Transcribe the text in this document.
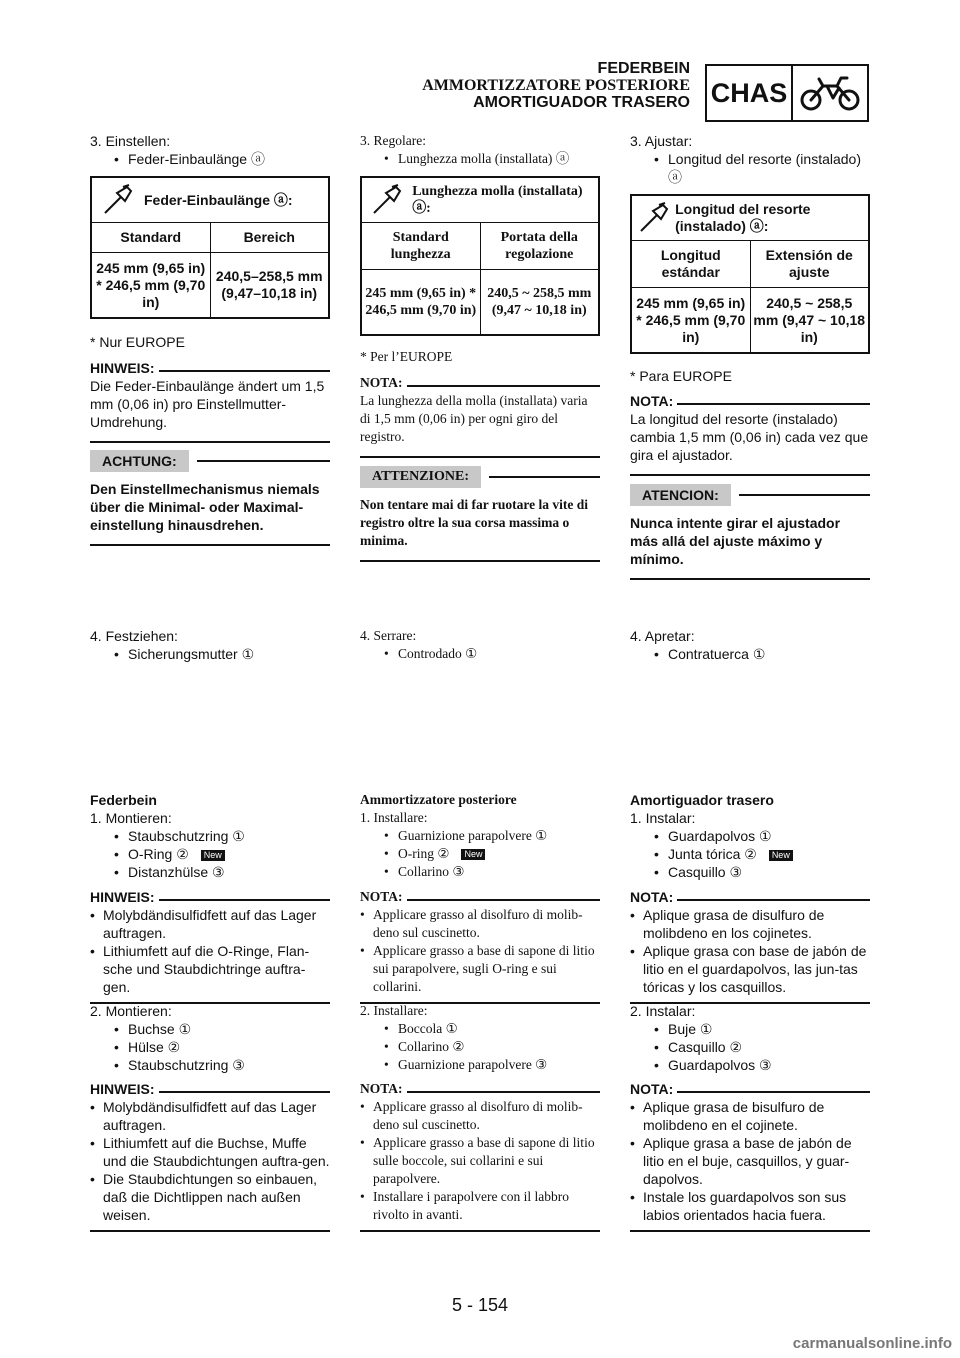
FEDERBEIN
AMMORTIZZATORE POSTERIORE
AMORTIGUADOR TRASERO CHAS

3. Einstellen:

• Feder-Einbaulänge ⓐ
Feder-Einbaulänge ⓐ:
Standard	Bereich
245 mm (9,65 in) * 246,5 mm (9,70 in)
240,5–258,5 mm (9,47–10,18 in)
* Nur EUROPE
HINWEIS:
Die Feder-Einbaulänge ändert um 1,5 mm (0,06 in) pro Einstellmutter-Umdrehung.
ACHTUNG:
Den Einstellmechanismus niemals über die Minimal- oder Maximal-einstellung hinausdrehen.

4. Festziehen:

• Sicherungsmutter ①
Federbein

1. Montieren:

• Staubschutzring ①
• O-Ring ② New
• Distanzhülse ③
HINWEIS:
• Molybdändisulfidfett auf das Lager auftragen.
• Lithiumfett auf die O-Ringe, Flan-sche und Staubdichtringe auftra-gen.

2. Montieren:

• Buchse ①
• Hülse ②
• Staubschutzring ③
HINWEIS:
• Molybdändisulfidfett auf das Lager auftragen.
• Lithiumfett auf die Buchse, Muffe und die Staubdichtungen auftra-gen.
• Die Staubdichtungen so einbauen, daß die Dichtlippen nach außen weisen.

3. Regolare:

• Lunghezza molla (installata) ⓐ
Lunghezza molla (installata) ⓐ:
Standard lunghezza
Portata della regolazione
245 mm (9,65 in) * 246,5 mm (9,70 in)
240,5 ~ 258,5 mm (9,47 ~ 10,18 in)
* Per l’EUROPE
NOTA:
La lunghezza della molla (installata) varia di 1,5 mm (0,06 in) per ogni giro del registro.
ATTENZIONE:
Non tentare mai di far ruotare la vite di registro oltre la sua corsa massima o minima.

4. Serrare:

• Controdado ①
Ammortizzatore posteriore

1. Installare:

• Guarnizione parapolvere ①
• O-ring ② New
• Collarino ③
NOTA:
• Applicare grasso al disolfuro di molib-deno sul cuscinetto.
• Applicare grasso a base di sapone di litio sui parapolvere, sugli O-ring e sui collarini.

2. Installare:

• Boccola ①
• Collarino ②
• Guarnizione parapolvere ③
NOTA:
• Applicare grasso al disolfuro di molib-deno sul cuscinetto.
• Applicare grasso a base di sapone di litio sulle boccole, sui collarini e sui parapolvere.
• Installare i parapolvere con il labbro rivolto in avanti.

3. Ajustar:

• Longitud del resorte (instalado) ⓐ
Longitud del resorte (instalado) ⓐ:
Longitud estándar
Extensión de ajuste
245 mm (9,65 in) * 246,5 mm (9,70 in)
240,5 ~ 258,5 mm (9,47 ~ 10,18 in)
* Para EUROPE
NOTA:
La longitud del resorte (instalado) cambia 1,5 mm (0,06 in) cada vez que gira el ajustador.
ATENCION:
Nunca intente girar el ajustador más allá del ajuste máximo y mínimo.

4. Apretar:

• Contratuerca ①
Amortiguador trasero

1. Instalar:

• Guardapolvos ①
• Junta tórica ② New
• Casquillo ③
NOTA:
• Aplique grasa de disulfuro de molibdeno en los cojinetes.
• Aplique grasa con base de jabón de litio en el guardapolvos, las jun-tas tóricas y los casquillos.

2. Instalar:

• Buje ①
• Casquillo ②
• Guardapolvos ③
NOTA:
• Aplique grasa de bisulfuro de molibdeno en el cojinete.
• Aplique grasa a base de jabón de litio en el buje, casquillos, y guar-dapolvos.
• Instale los guardapolvos son sus labios orientados hacia fuera.
5 - 154
carmanualsonline.info
